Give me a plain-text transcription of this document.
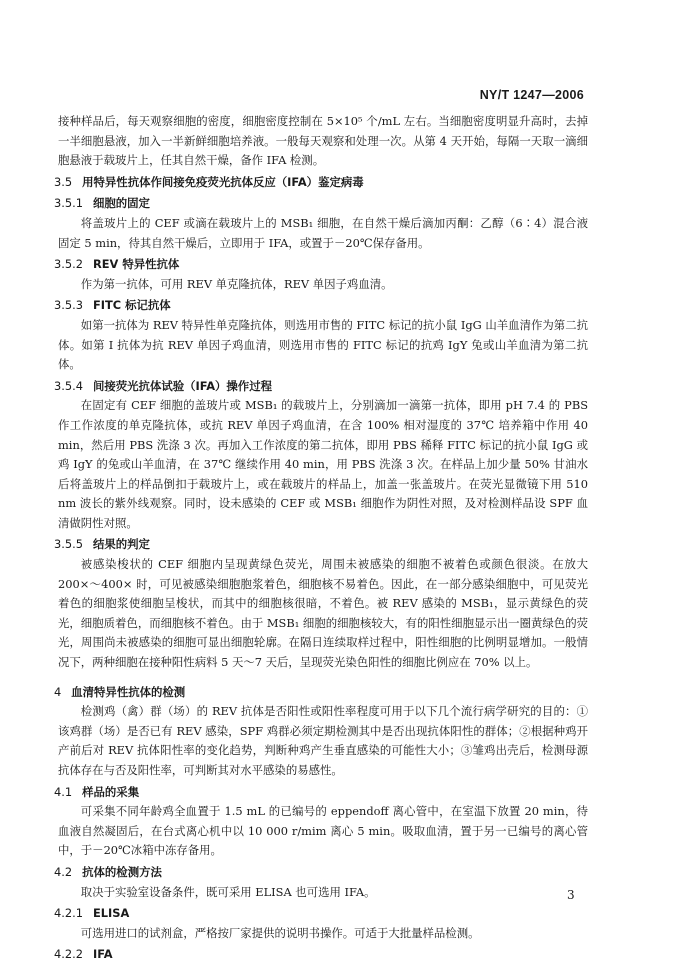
NY/T 1247—2006

接种样品后，每天观察细胞的密度，细胞密度控制在 5×10⁵ 个/mL 左右。当细胞密度明显升高时，去掉一半细胞悬液，加入一半新鲜细胞培养液。一般每天观察和处理一次。从第 4 天开始，每隔一天取一滴细胞悬液于载玻片上，任其自然干燥，备作 IFA 检测。

3.5 用特异性抗体作间接免疫荧光抗体反应（IFA）鉴定病毒
3.5.1 细胞的固定

将盖玻片上的 CEF 或滴在载玻片上的 MSB₁ 细胞，在自然干燥后滴加丙酮：乙醇（6∶4）混合液固定 5 min，待其自然干燥后，立即用于 IFA，或置于－20℃保存备用。

3.5.2 REV 特异性抗体

作为第一抗体，可用 REV 单克隆抗体，REV 单因子鸡血清。

3.5.3 FITC 标记抗体

如第一抗体为 REV 特异性单克隆抗体，则选用市售的 FITC 标记的抗小鼠 IgG 山羊血清作为第二抗体。如第 I 抗体为抗 REV 单因子鸡血清，则选用市售的 FITC 标记的抗鸡 IgY 兔或山羊血清为第二抗体。

3.5.4 间接荧光抗体试验（IFA）操作过程

在固定有 CEF 细胞的盖玻片或 MSB₁ 的载玻片上，分别滴加一滴第一抗体，即用 pH 7.4 的 PBS 作工作浓度的单克隆抗体，或抗 REV 单因子鸡血清，在含 100% 相对湿度的 37℃ 培养箱中作用 40 min，然后用 PBS 洗涤 3 次。再加入工作浓度的第二抗体，即用 PBS 稀释 FITC 标记的抗小鼠 IgG 或鸡 IgY 的兔或山羊血清，在 37℃ 继续作用 40 min，用 PBS 洗涤 3 次。在样品上加少量 50% 甘油水后将盖玻片上的样品倒扣于载玻片上，或在载玻片的样品上，加盖一张盖玻片。在荧光显微镜下用 510 nm 波长的紫外线观察。同时，设未感染的 CEF 或 MSB₁ 细胞作为阴性对照，及对检测样品设 SPF 血清做阴性对照。

3.5.5 结果的判定

被感染梭状的 CEF 细胞内呈现黄绿色荧光，周围未被感染的细胞不被着色或颜色很淡。在放大 200×～400× 时，可见被感染细胞胞浆着色，细胞核不易着色。因此，在一部分感染细胞中，可见荧光着色的细胞浆使细胞呈梭状，而其中的细胞核很暗，不着色。被 REV 感染的 MSB₁，显示黄绿色的荧光，细胞质着色，而细胞核不着色。由于 MSB₁ 细胞的细胞核较大，有的阳性细胞显示出一圈黄绿色的荧光，周围尚未被感染的细胞可显出细胞轮廓。在隔日连续取样过程中，阳性细胞的比例明显增加。一般情况下，两种细胞在接种阳性病料 5 天～7 天后，呈现荧光染色阳性的细胞比例应在 70% 以上。

4 血清特异性抗体的检测

检测鸡（禽）群（场）的 REV 抗体是否阳性或阳性率程度可用于以下几个流行病学研究的目的：①该鸡群（场）是否已有 REV 感染，SPF 鸡群必须定期检测其中是否出现抗体阳性的群体；②根据种鸡开产前后对 REV 抗体阳性率的变化趋势，判断种鸡产生垂直感染的可能性大小；③雏鸡出壳后，检测母源抗体存在与否及阳性率，可判断其对水平感染的易感性。

4.1 样品的采集

可采集不同年龄鸡全血置于 1.5 mL 的已编号的 eppendoff 离心管中，在室温下放置 20 min，待血液自然凝固后，在台式离心机中以 10 000 r/mim 离心 5 min。吸取血清，置于另一已编号的离心管中，于－20℃冰箱中冻存备用。

4.2 抗体的检测方法

取决于实验室设备条件，既可采用 ELISA 也可选用 IFA。

4.2.1 ELISA

可选用进口的试剂盒，严格按厂家提供的说明书操作。可适于大批量样品检测。

4.2.2 IFA
3
